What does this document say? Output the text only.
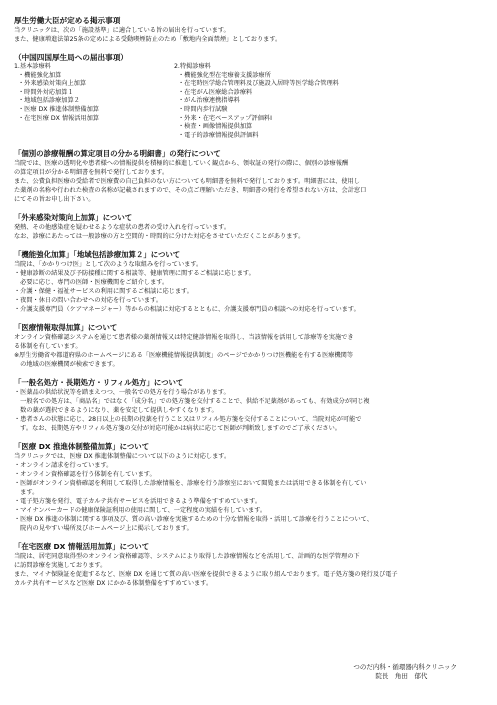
厚生労働大臣が定める掲示事項

当クリニックは、次の「施設基準」に適合している旨の届出を行っています。

また、健康増進法第25条の定めによる受動喫煙防止のため「敷地内全面禁煙」としております。

（中国四国厚生局への届出事項）

1.基本診療料

・機能強化加算

・外来感染対策向上加算

・時間外対応加算１

・地域包括診療加算２

・医療 DX 推進体制整備加算

・在宅医療 DX 情報活用加算

2.特掲診療料

・機能強化型在宅療養支援診療所

・在宅時医学総合管理料及び施設入居時等医学総合管理料

・在宅がん医療総合診療料

・がん治療連携指導料

・時間内歩行試験

・外来・在宅ベースアップ評価料Ⅰ

・検査・画像情報提供加算

・電子的診療情報提供評価料

「個別の診療報酬の算定項目の分かる明細書」の発行について

当院では、医療の透明化や患者様への情報提供を積極的に推進していく観点から、領収証の発行の際に、個別の診療報酬

の算定項目が分かる明細書を無料で発行しております。

また、公費負担医療の受給者で医療費の自己負担のない方についても明細書を無料で発行しております。明細書には、使用し

た薬剤の名称や行われた検査の名称が記載されますので、その点ご理解いただき、明細書の発行を希望されない方は、会計窓口

にてその旨お申し出下さい。

「外来感染対策向上加算」について

発熱、その他感染症を疑わせるような症状の患者の受け入れを行っています。

なお、診療にあたっては一般診療の方と空間的・時間的に分けた対応をさせていただくことがあります。

「機能強化加算」「地域包括診療加算２」について

当院は、「かかりつけ医」として次のような取組みを行っています。

・健康診断の結果及び予防接種に関する相談等、健康管理に関するご相談に応じます。

　必要に応じ、専門の医師・医療機関をご紹介します。

・介護・保健・福祉サービスの利用に関するご相談に応じます。

・夜間・休日の問い合わせへの対応を行っています。

・介護支援専門員（ケアマネージャー）等からの相談に対応するとともに、介護支援専門員の相談への対応を行っています。

「医療情報取得加算」について

オンライン資格確認システムを通じて患者様の薬剤情報又は特定健診情報を取得し、当該情報を活用して診療等を実施でき

る体制を有しています。

※厚生労働省や都道府県のホームページにある「医療機能情報提供制度」のページでかかりつけ医機能を有する医療機関等

　の地域の医療機関が検索できます。

「一般名処方・長期処方・リフィル処方」について

・医薬品の供給状況等を踏まえつつ、一般名での処方を行う場合があります。

　一般名での処方は、「商品名」ではなく「成分名」での処方箋を交付することで、供給不足薬剤があっても、有効成分が同じ複

　数の薬が選択できるようになり、薬を安定して提供しやすくなります。

・患者さんの状態に応じ、28日以上の長期の投薬を行うこと又はリフィル処方箋を交付することについて、当院対応が可能で

　す。なお、長期処方やリフィル処方箋の交付が対応可能かは病状に応じて医師が判断致しますのでご了承ください。

「医療 DX 推進体制整備加算」について

当クリニックでは、医療 DX 推進体制整備について以下のように対応します。

・オンライン請求を行っています。

・オンライン資格確認を行う体制を有しています。

・医師がオンライン資格確認を利用して取得した診療情報を、診療を行う診察室において閲覧または活用できる体制を有してい

　ます。

・電子処方箋を発行、電子カルテ共有サービスを活用できるよう準備をすすめています。

・マイナンバーカードの健康保険証利用の使用に関して、一定程度の実績を有しています。

・医療 DX 推進の体制に関する事項及び、質の高い診療を実施するための十分な情報を取得・活用して診療を行うことについて、

　院内の見やすい場所及びホームページ上に掲示しております。

「在宅医療 DX 情報活用加算」について

当院は、居宅同意取得型のオンライン資格確認等、システムにより取得した診療情報などを活用して、計画的な医学管理の下

に訪問診療を実施しております。

また、マイナ保険証を促進するなど、医療 DX を通じて質の高い医療を提供できるように取り組んでおります。電子処方箋の発行及び電子

カルテ共有サービスなど医療 DX にかかる体制整備をすすめています。

つのだ内科・循環器内科クリニック
院長　角田　郁代
